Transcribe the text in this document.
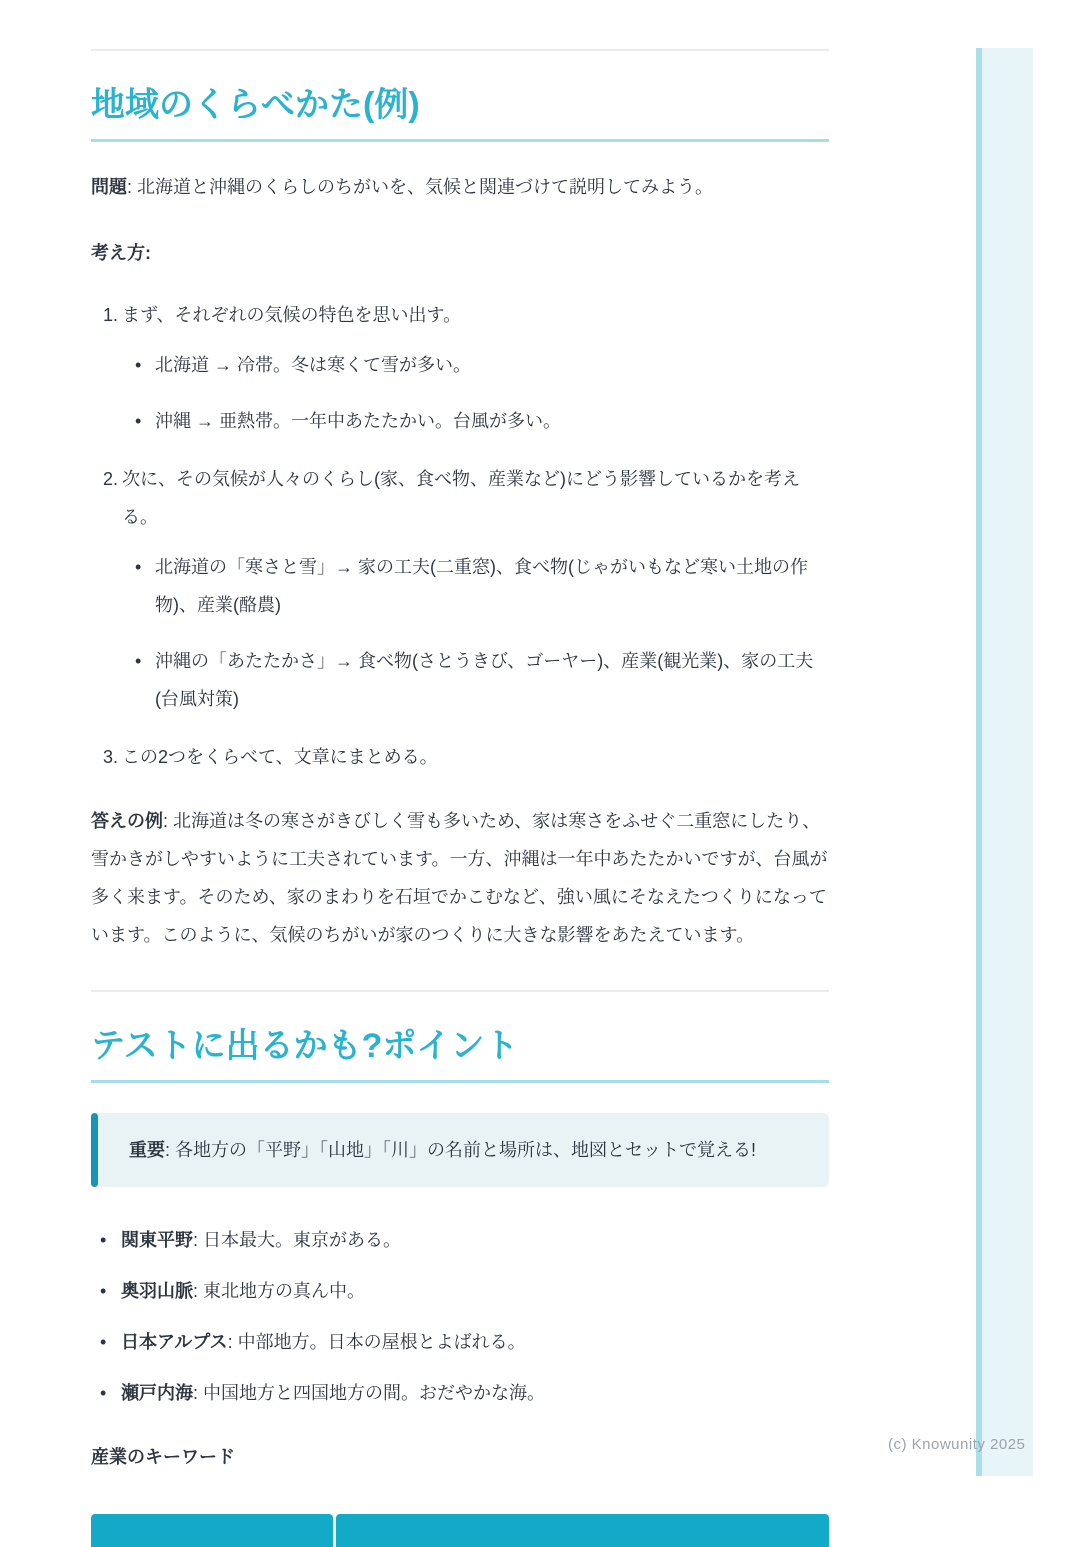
地域のくらべかた(例)

問題: 北海道と沖縄のくらしのちがいを、気候と関連づけて説明してみよう。

考え方:

1. まず、それぞれの気候の特色を思い出す。
• 北海道 → 冷帯。冬は寒くて雪が多い。
• 沖縄 → 亜熱帯。一年中あたたかい。台風が多い。
2. 次に、その気候が人々のくらし(家、食べ物、産業など)にどう影響しているかを考える。
• 北海道の「寒さと雪」→ 家の工夫(二重窓)、食べ物(じゃがいもなど寒い土地の作物)、産業(酪農)
• 沖縄の「あたたかさ」→ 食べ物(さとうきび、ゴーヤー)、産業(観光業)、家の工夫(台風対策)
3. この2つをくらべて、文章にまとめる。

答えの例: 北海道は冬の寒さがきびしく雪も多いため、家は寒さをふせぐ二重窓にしたり、雪かきがしやすいように工夫されています。一方、沖縄は一年中あたたかいですが、台風が多く来ます。そのため、家のまわりを石垣でかこむなど、強い風にそなえたつくりになっています。このように、気候のちがいが家のつくりに大きな影響をあたえています。

テストに出るかも?ポイント
重要: 各地方の「平野」「山地」「川」の名前と場所は、地図とセットで覚える!
• 関東平野: 日本最大。東京がある。
• 奥羽山脈: 東北地方の真ん中。
• 日本アルプス: 中部地方。日本の屋根とよばれる。
• 瀬戸内海: 中国地方と四国地方の間。おだやかな海。

産業のキーワード

(c) Knowunity 2025
